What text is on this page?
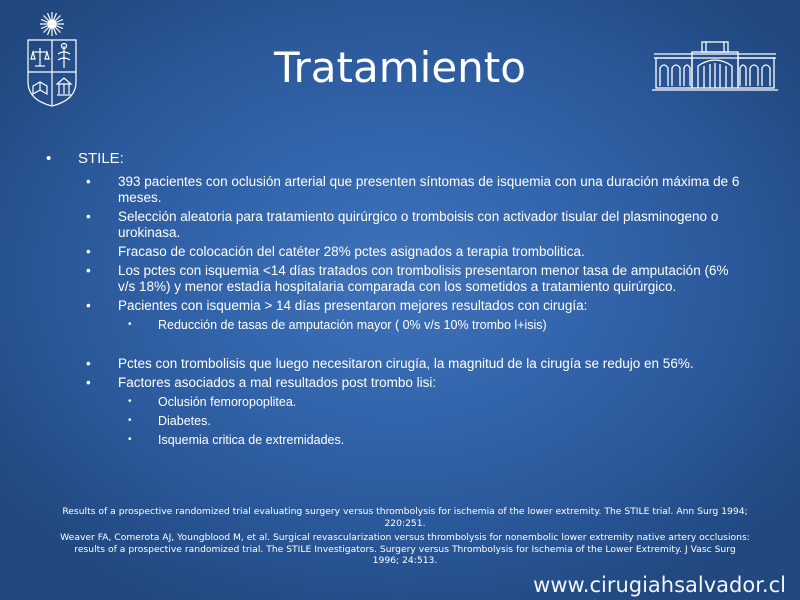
Tratamiento
• STILE:
• 393 pacientes con oclusión arterial que presenten síntomas de isquemia con una duración máxima de 6 meses.
• Selección aleatoria para tratamiento quirúrgico o tromboisis con activador tisular del plasminogeno o urokinasa.
• Fracaso de colocación del catéter 28% pctes asignados a terapia trombolitica.
• Los pctes con isquemia <14 días tratados con trombolisis presentaron menor tasa de amputación (6% v/s 18%) y menor estadía hospitalaria comparada con los sometidos a tratamiento quirúrgico.
• Pacientes con isquemia > 14 días presentaron mejores resultados con cirugía:
• Reducción de tasas de amputación mayor ( 0% v/s 10% trombo l+isis)
• Pctes con trombolisis que luego necesitaron cirugía, la magnitud de la cirugía se redujo en 56%.
• Factores asociados a mal resultados post trombo lisi:
• Oclusión femoropoplitea.
• Diabetes.
• Isquemia critica de extremidades.

Results of a prospective randomized trial evaluating surgery versus thrombolysis for ischemia of the lower extremity. The STILE trial. Ann Surg 1994; 220:251.

Weaver FA, Comerota AJ, Youngblood M, et al. Surgical revascularization versus thrombolysis for nonembolic lower extremity native artery occlusions: results of a prospective randomized trial. The STILE Investigators. Surgery versus Thrombolysis for Ischemia of the Lower Extremity. J Vasc Surg 1996; 24:513.

www.cirugiahsalvador.cl
